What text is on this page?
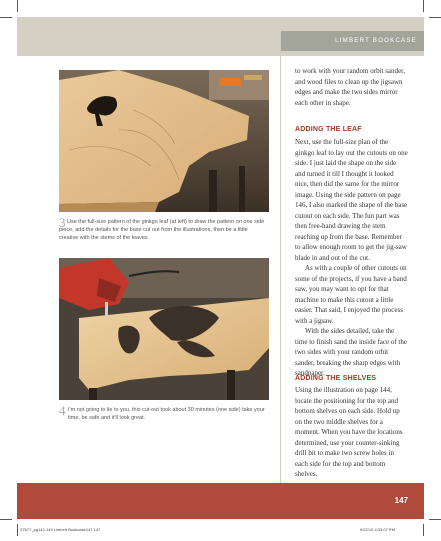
LIMBERT BOOKCASE
3 Use the full-size pattern of the ginkgo leaf (at left) to draw the pattern on one side piece, add the details for the base cut out from the illustrations, then be a little creative with the stems of the leaves.
4 I'm not going to lie to you, this cut-out took about 30 minutes (one side) take your time, be safe and it'll look great.

to work with your random orbit sander, and wood files to clean up the jigsawn edges and make the two sides mirror each other in shape.

ADDING THE LEAF

Next, use the full-size plan of the ginkgo leaf to lay out the cutouts on one side. I just laid the shape on the side and turned it till I thought it looked nice, then did the same for the mirror image. Using the side pattern on page 146, I also marked the shape of the base cutout on each side. The fun part was then free-hand drawing the stem reaching up from the base. Remember to allow enough room to get the jig-saw blade in and out of the cut.

As with a couple of other cutouts on some of the projects, if you have a band saw, you may want to opt for that machine to make this cutout a little easier. That said, I enjoyed the process with a jigsaw.

With the sides detailed, take the time to finish sand the inside face of the two sides with your random orbit sander, breaking the sharp edges with sandpaper.

ADDING THE SHELVES

Using the illustration on page 144, locate the positioning for the top and bottom shelves on each side. Hold up on the two middle shelves for a moment. When you have the locations determined, use your counter-sinking drill bit to make two screw holes in each side for the top and bottom shelves.

147
Z7677_pg142-149 Limbert Bookcase147 147	9/22/10 4:33:07 PM
